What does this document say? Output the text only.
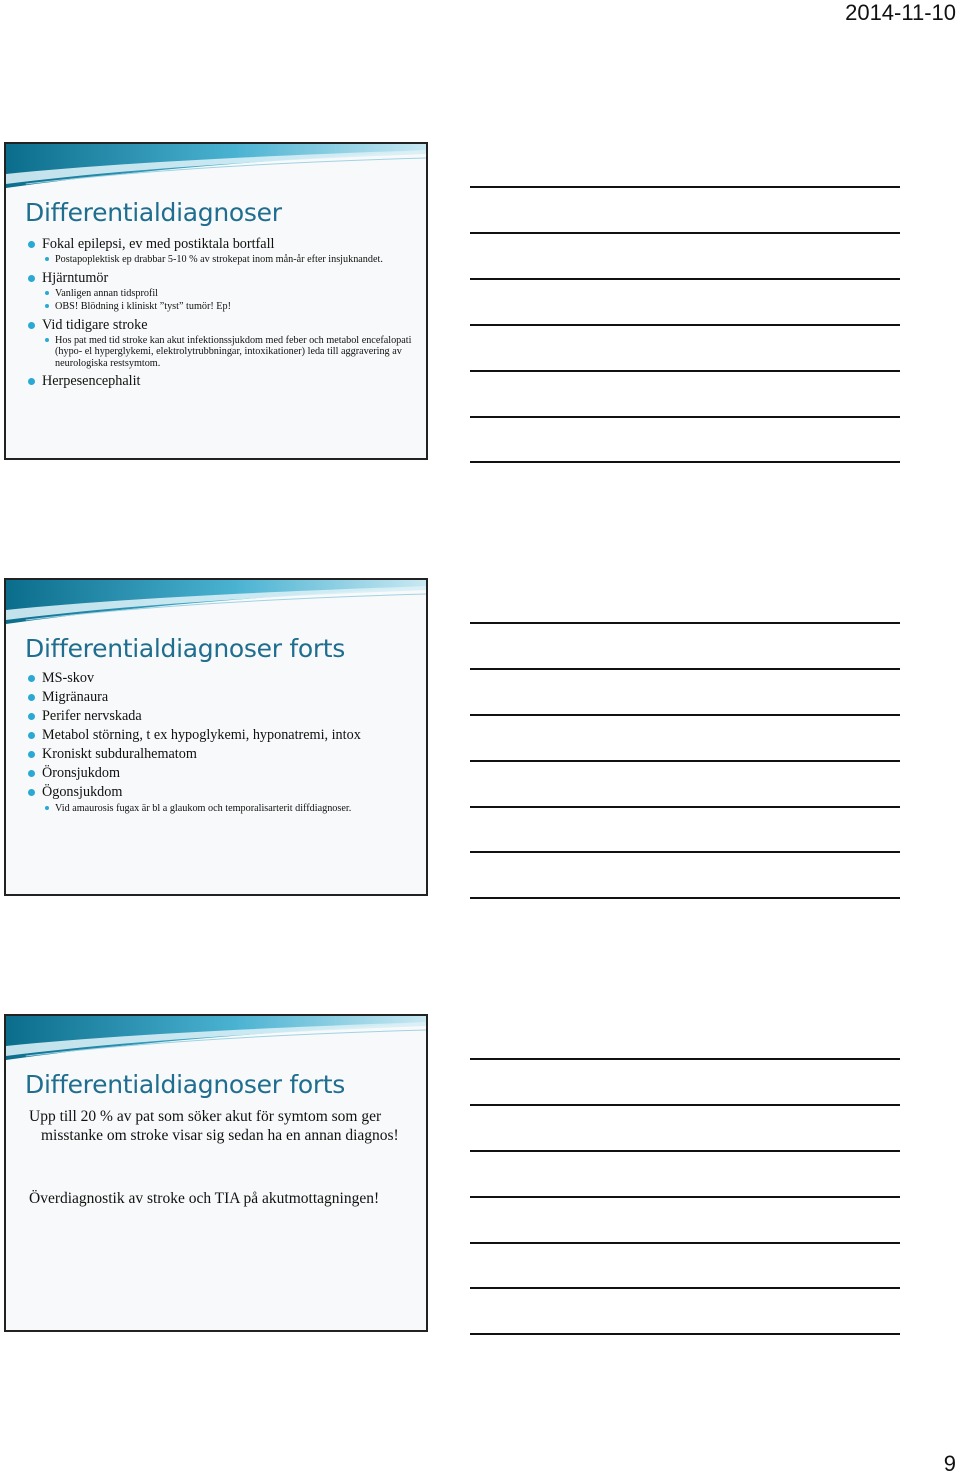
2014-11-10
Differentialdiagnoser
Fokal epilepsi, ev med postiktala bortfall
Postapoplektisk ep drabbar 5-10 % av strokepat inom mån-år efter insjuknandet.
Hjärntumör
Vanligen annan tidsprofil
OBS! Blödning i kliniskt ”tyst” tumör! Ep!
Vid tidigare stroke
Hos pat med tid stroke kan akut infektionssjukdom med feber och metabol encefalopati (hypo- el hyperglykemi, elektrolytrubbningar, intoxikationer) leda till aggravering av neurologiska restsymtom.
Herpesencephalit
Differentialdiagnoser forts
MS-skov
Migränaura
Perifer nervskada
Metabol störning, t ex hypoglykemi, hyponatremi, intox
Kroniskt subduralhematom
Öronsjukdom
Ögonsjukdom
Vid amaurosis fugax är bl a glaukom och temporalisarterit diffdiagnoser.
Differentialdiagnoser forts
Upp till 20 % av pat som söker akut för symtom som ger misstanke om stroke visar sig sedan ha en annan diagnos!
Överdiagnostik av stroke och TIA på akutmottagningen!
9
